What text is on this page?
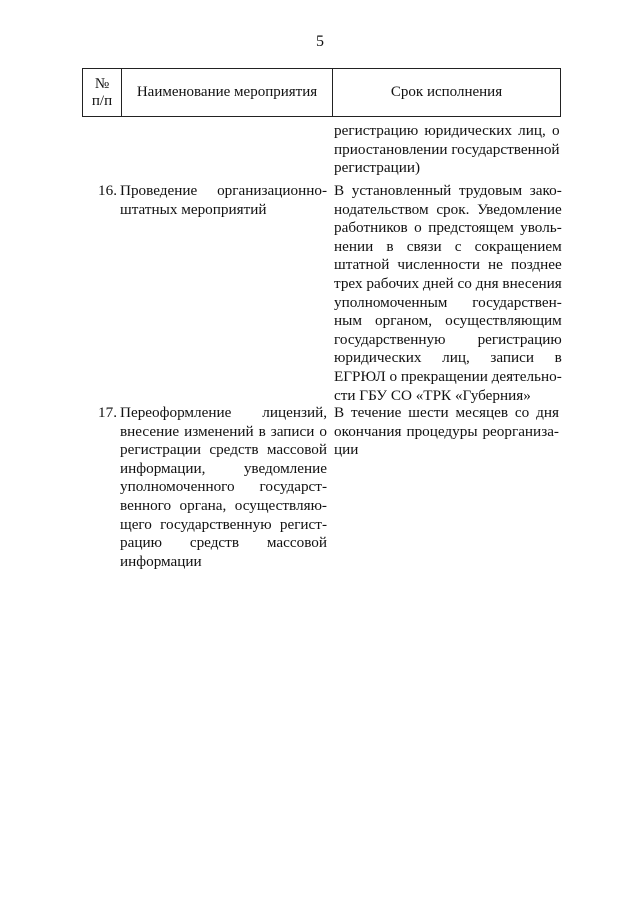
5
№
п/п
Наименование мероприятия	Срок исполнения
регистрацию юридических лиц, о
приостановлении государственной
регистрации)
16. Проведение организационно-
штатных мероприятий
В установленный трудовым зако-
нодательством срок. Уведомление
работников о предстоящем уволь-
нении в связи с сокращением
штатной численности не позднее
трех рабочих дней со дня внесения
уполномоченным государствен-
ным органом, осуществляющим
государственную регистрацию
юридических лиц, записи в
ЕГРЮЛ о прекращении деятельно-
сти ГБУ СО «ТРК «Губерния»
17. Переоформление лицензий,
внесение изменений в записи о
регистрации средств массовой
информации, уведомление
уполномоченного государст-
венного органа, осуществляю-
щего государственную регист-
рацию средств массовой
информации
В течение шести месяцев со дня
окончания процедуры реорганиза-
ции
